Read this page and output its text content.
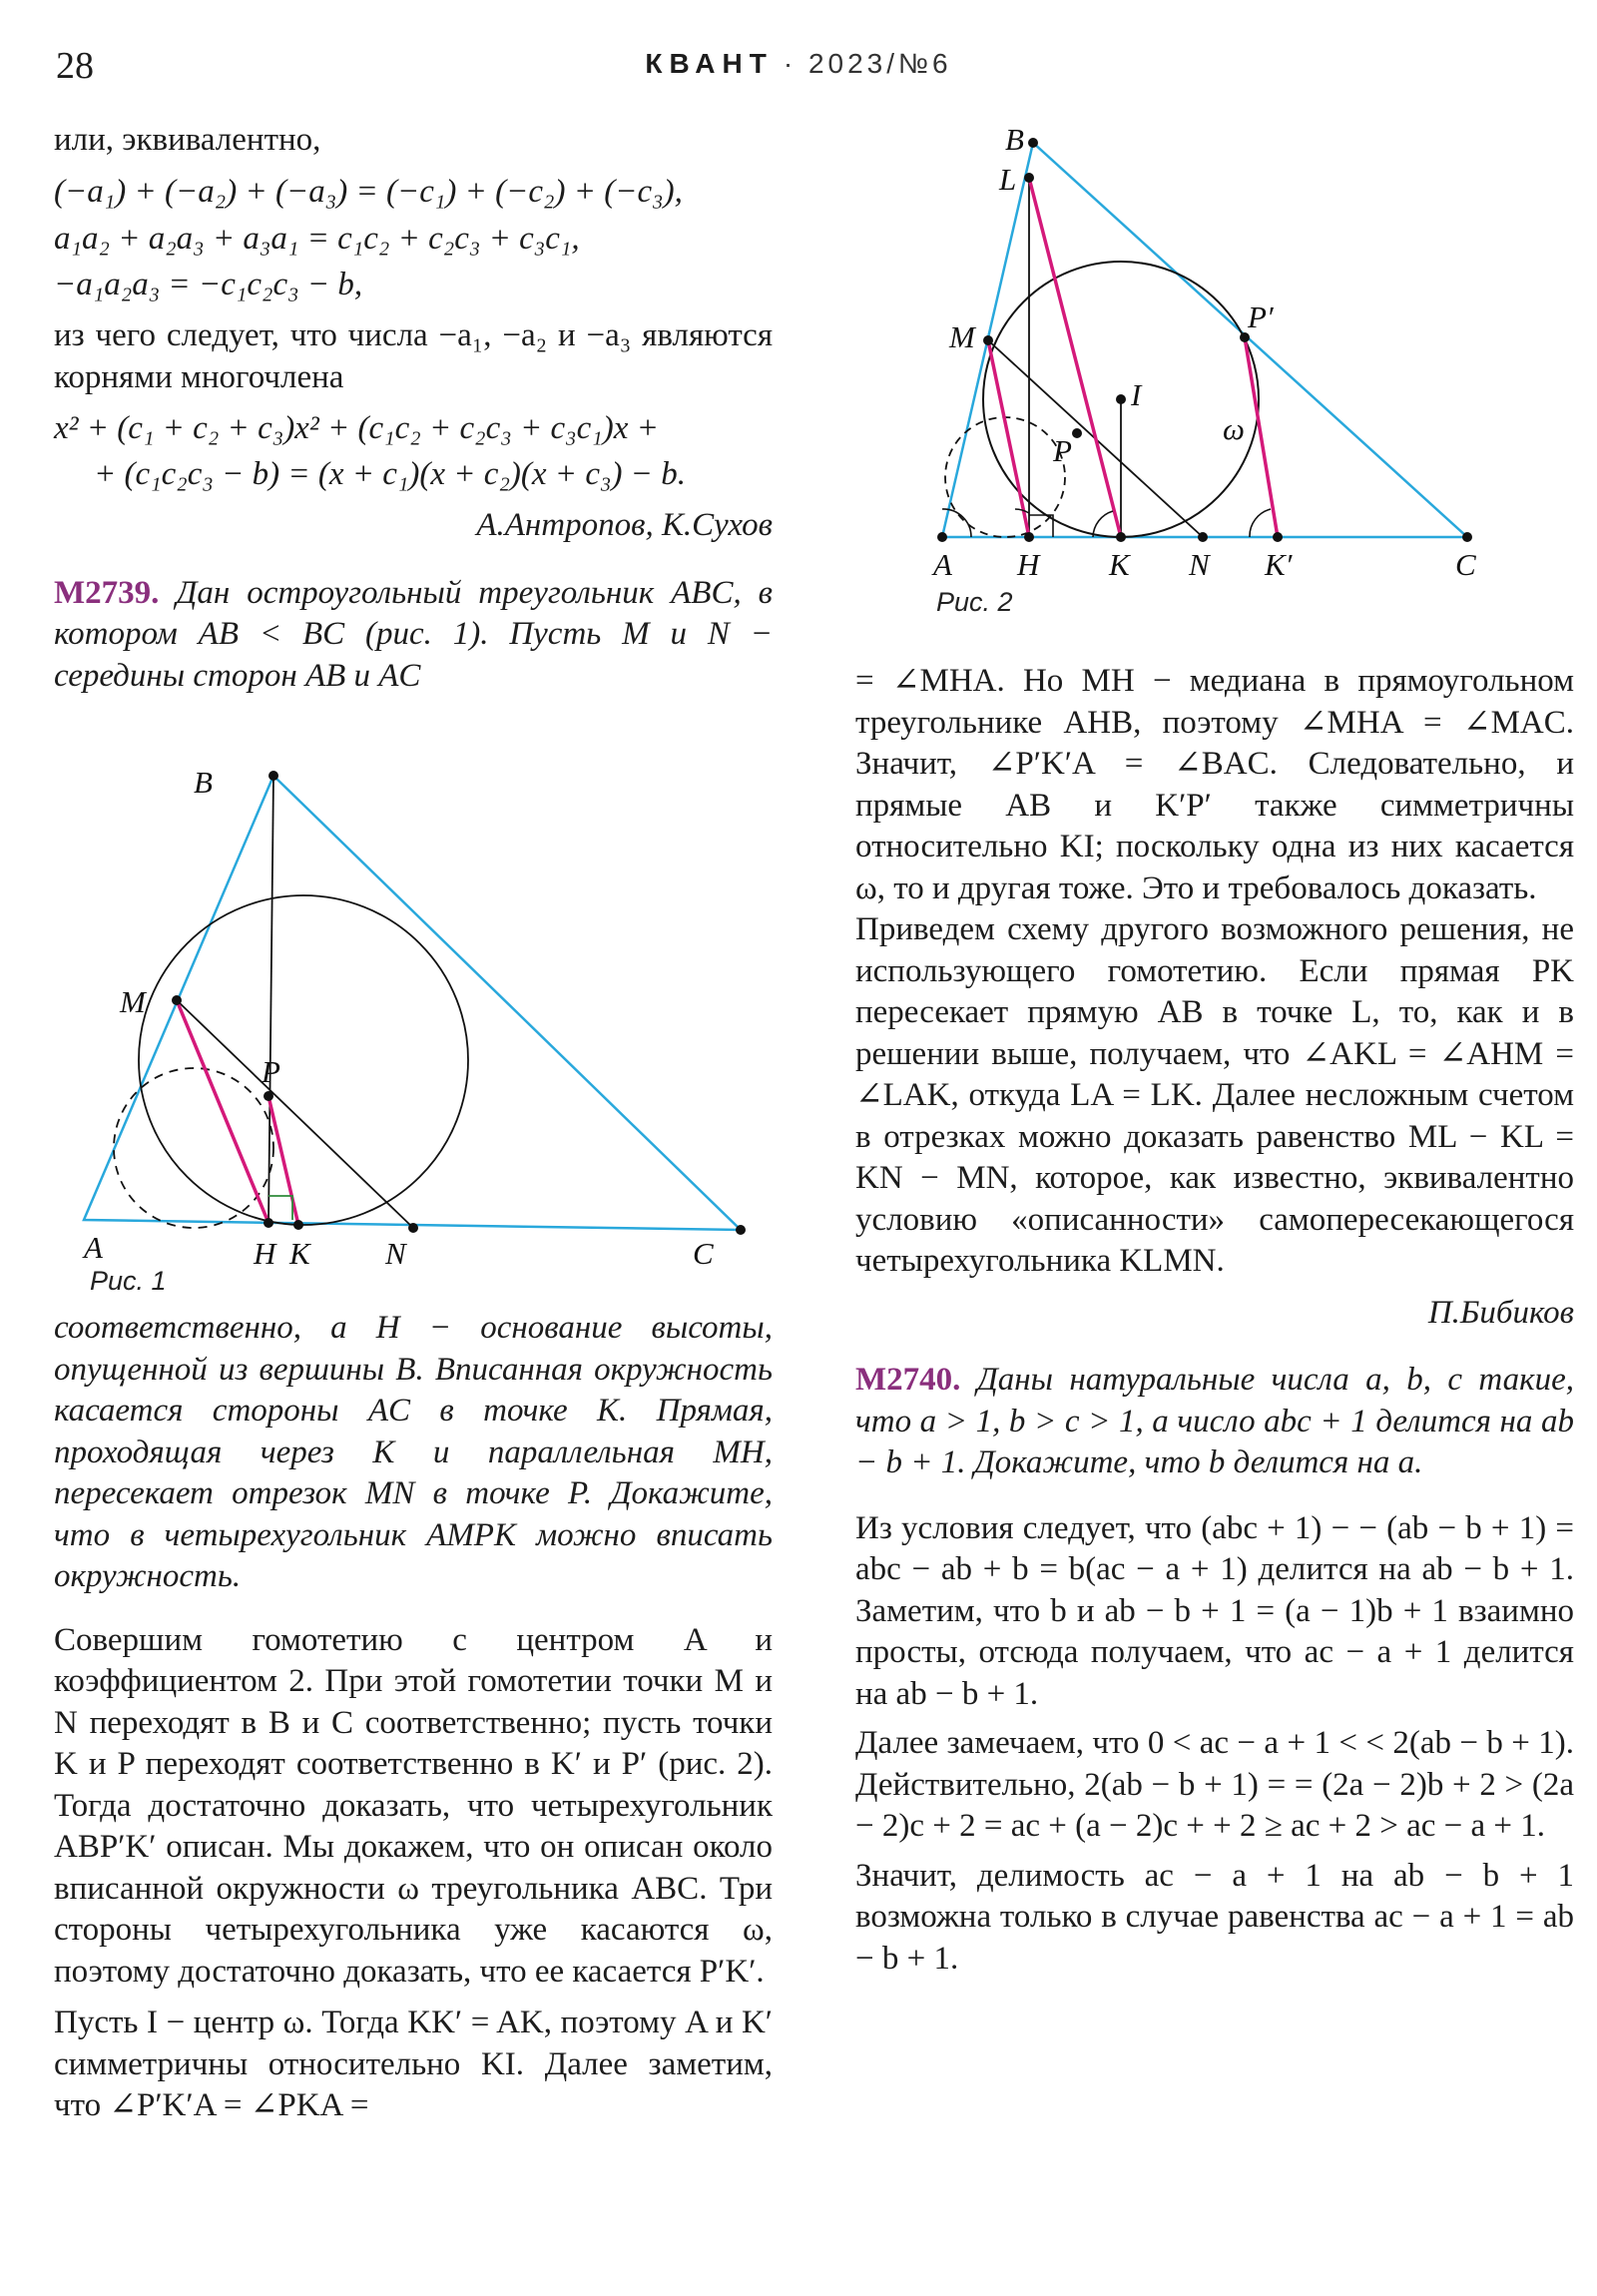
28	КВАНТ · 2023/№6

или, эквивалентно,

(−a₁) + (−a₂) + (−a₃) = (−c₁) + (−c₂) + (−c₃),

a₁a₂ + a₂a₃ + a₃a₁ = c₁c₂ + c₂c₃ + c₃c₁,

−a₁a₂a₃ = −c₁c₂c₃ − b,

из чего следует, что числа −a₁, −a₂ и −a₃ являются корнями многочлена

x² + (c₁ + c₂ + c₃)x² + (c₁c₂ + c₂c₃ + c₃c₁)x +

+ (c₁c₂c₃ − b) = (x + c₁)(x + c₂)(x + c₃) − b.

А.Антропов, К.Сухов

M2739. Дан остроугольный треугольник ABC, в котором AB < BC (рис. 1). Пусть M и N − середины сторон AB и AC

B
M
P
A	H K N	C
Рис. 1

соответственно, а H − основание высоты, опущенной из вершины B. Вписанная окружность касается стороны AC в точке K. Прямая, проходящая через K и параллельная MH, пересекает отрезок MN в точке P. Докажите, что в четырехугольник AMPK можно вписать окружность.

Совершим гомотетию с центром A и коэффициентом 2. При этой гомотетии точки M и N переходят в B и C соответственно; пусть точки K и P переходят соответственно в K′ и P′ (рис. 2). Тогда достаточно доказать, что четырехугольник ABP′K′ описан. Мы докажем, что он описан около вписанной окружности ω треугольника ABC. Три стороны четырехугольника уже касаются ω, поэтому достаточно доказать, что ее касается P′K′.

Пусть I − центр ω. Тогда KK′ = AK, поэтому A и K′ симметричны относительно KI. Далее заметим, что ∠P′K′A = ∠PKA =

B
L
M
I
P
P′
ω
A H K N K′	C
Рис. 2

= ∠MHA. Но MH − медиана в прямоугольном треугольнике AHB, поэтому ∠MHA = ∠MAC. Значит, ∠P′K′A = ∠BAC. Следовательно, и прямые AB и K′P′ также симметричны относительно KI; поскольку одна из них касается ω, то и другая тоже. Это и требовалось доказать.

Приведем схему другого возможного решения, не использующего гомотетию. Если прямая PK пересекает прямую AB в точке L, то, как и в решении выше, получаем, что ∠AKL = ∠AHM = ∠LAK, откуда LA = LK. Далее несложным счетом в отрезках можно доказать равенство ML − KL = KN − MN, которое, как известно, эквивалентно условию «описанности» самопересекающегося четырехугольника KLMN.

П.Бибиков

M2740. Даны натуральные числа a, b, c такие, что a > 1, b > c > 1, а число abc + 1 делится на ab − b + 1. Докажите, что b делится на a.

Из условия следует, что (abc + 1) − − (ab − b + 1) = abc − ab + b = b(ac − a + 1) делится на ab − b + 1. Заметим, что b и ab − b + 1 = (a − 1)b + 1 взаимно просты, отсюда получаем, что ac − a + 1 делится на ab − b + 1.

Далее замечаем, что 0 < ac − a + 1 < < 2(ab − b + 1). Действительно, 2(ab − b + 1) = = (2a − 2)b + 2 > (2a − 2)c + 2 = ac + (a − 2)c + + 2 ≥ ac + 2 > ac − a + 1.

Значит, делимость ac − a + 1 на ab − b + 1 возможна только в случае равенства ac − a + 1 = ab − b + 1.
